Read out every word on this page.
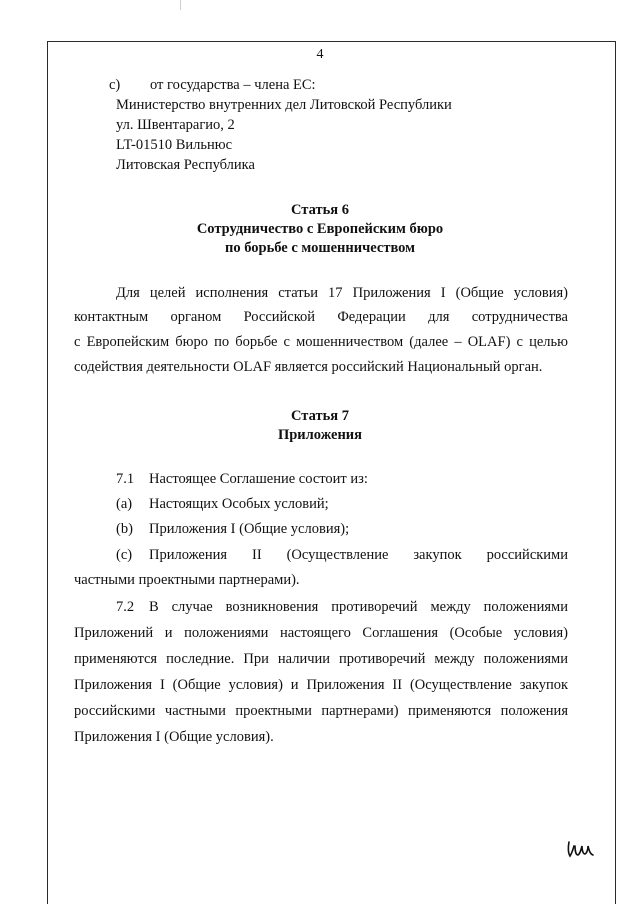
4
c) от государства – члена ЕС:
Министерство внутренних дел Литовской Республики
ул. Швентарагио, 2
LT-01510 Вильнюс
Литовская Республика
Статья 6
Сотрудничество с Европейским бюро
по борьбе с мошенничеством
Для целей исполнения статьи 17 Приложения I (Общие условия)
контактным органом Российской Федерации для сотрудничества
с Европейским бюро по борьбе с мошенничеством (далее – OLAF) с целью
содействия деятельности OLAF является российский Национальный орган.
Статья 7
Приложения
7.1 Настоящее Соглашение состоит из:
(a) Настоящих Особых условий;
(b) Приложения I (Общие условия);
(c) Приложения II (Осуществление закупок российскими
частными проектными партнерами).
7.2 В случае возникновения противоречий между положениями
Приложений и положениями настоящего Соглашения (Особые условия)
применяются последние. При наличии противоречий между положениями
Приложения I (Общие условия) и Приложения II (Осуществление закупок
российскими частными проектными партнерами) применяются положения
Приложения I (Общие условия).
